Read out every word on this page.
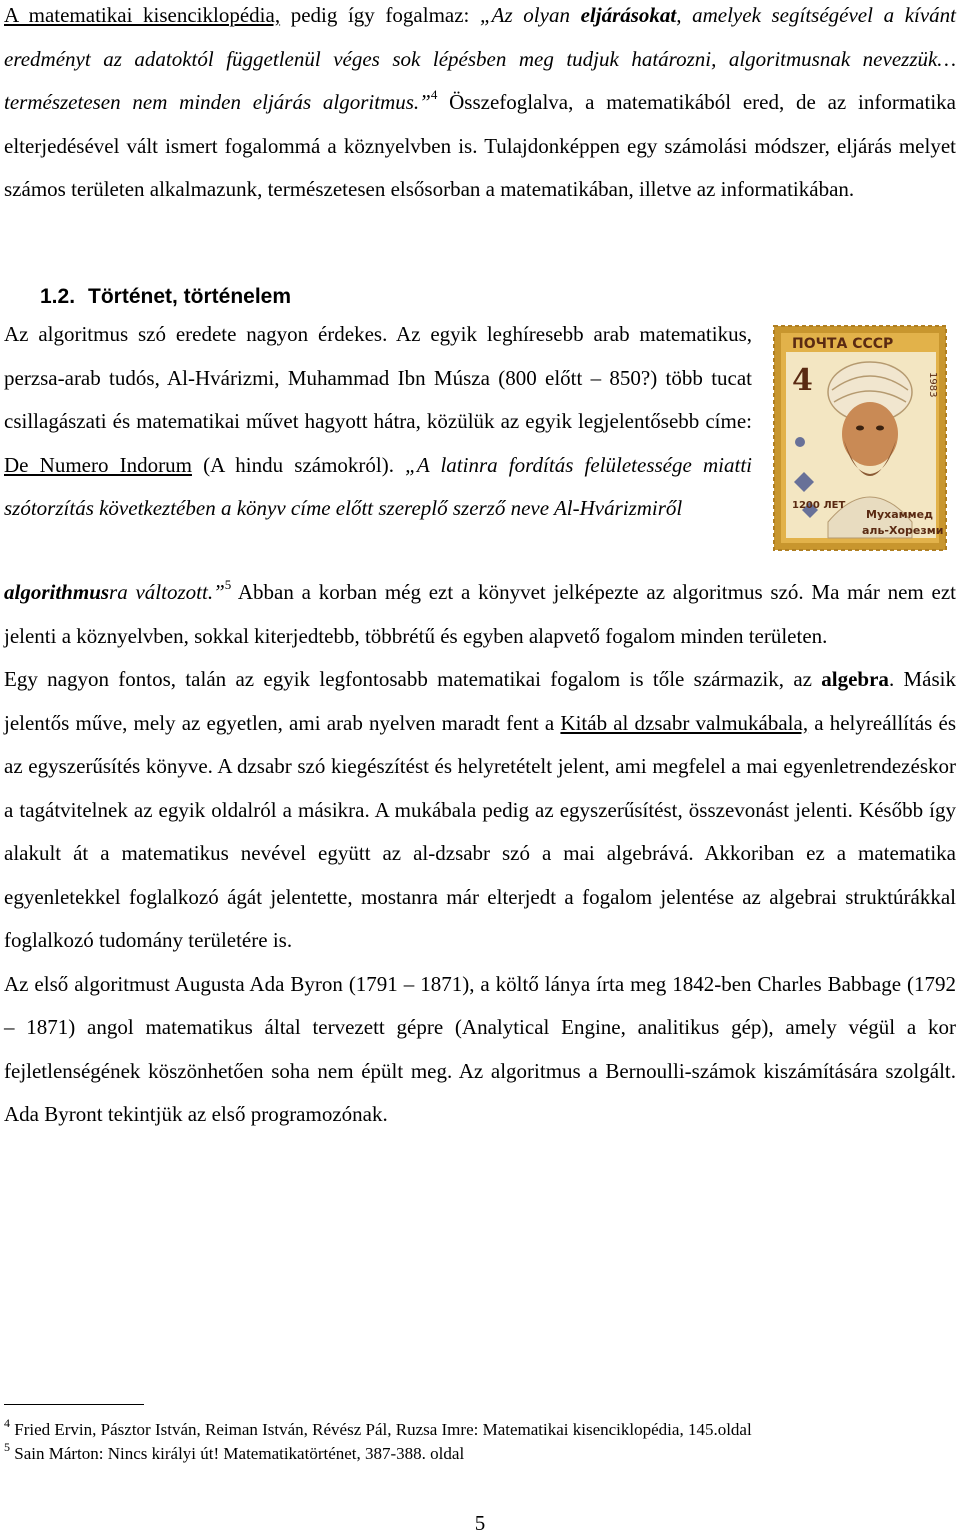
A matematikai kisenciklopédia, pedig így fogalmaz: „Az olyan eljárásokat, amelyek segítségével a kívánt eredményt az adatoktól függetlenül véges sok lépésben meg tudjuk határozni, algoritmusnak nevezzük…természetesen nem minden eljárás algoritmus.”$^4$ Összefoglalva, a matematikából ered, de az informatika elterjedésével vált ismert fogalommá a köznyelvben is. Tulajdonképpen egy számolási módszer, eljárás melyet számos területen alkalmazunk, természetesen elsősorban a matematikában, illetve az informatikában.

1.2. Történet, történelem

Az algoritmus szó eredete nagyon érdekes. Az egyik leghíresebb arab matematikus, perzsa-arab tudós, Al-Hvárizmi, Muhammad Ibn Músza (800 előtt – 850?) több tucat csillagászati és matematikai művet hagyott hátra, közülük az egyik legjelentősebb címe: De Numero Indorum (A hindu számokról). „A latinra fordítás felületessége miatti szótorzítás következtében a könyv címe előtt szereplő szerző neve Al-Hvárizmiről

ПОЧТА СССР
4	1983
1200 ЛЕТ
Мухаммед
аль-Хорезми

algorithmusra változott.”$^5$ Abban a korban még ezt a könyvet jelképezte az algoritmus szó. Ma már nem ezt jelenti a köznyelvben, sokkal kiterjedtebb, többrétű és egyben alapvető fogalom minden területen.

Egy nagyon fontos, talán az egyik legfontosabb matematikai fogalom is tőle származik, az algebra. Másik jelentős műve, mely az egyetlen, ami arab nyelven maradt fent a Kitáb al dzsabr valmukábala, a helyreállítás és az egyszerűsítés könyve. A dzsabr szó kiegészítést és helyretételt jelent, ami megfelel a mai egyenletrendezéskor a tagátvitelnek az egyik oldalról a másikra. A mukábala pedig az egyszerűsítést, összevonást jelenti. Később így alakult át a matematikus nevével együtt az al-dzsabr szó a mai algebrává. Akkoriban ez a matematika egyenletekkel foglalkozó ágát jelentette, mostanra már elterjedt a fogalom jelentése az algebrai struktúrákkal foglalkozó tudomány területére is.

Az első algoritmust Augusta Ada Byron (1791 – 1871), a költő lánya írta meg 1842-ben Charles Babbage (1792 – 1871) angol matematikus által tervezett gépre (Analytical Engine, analitikus gép), amely végül a kor fejletlenségének köszönhetően soha nem épült meg. Az algoritmus a Bernoulli-számok kiszámítására szolgált. Ada Byront tekintjük az első programozónak.

$^4$ Fried Ervin, Pásztor István, Reiman István, Révész Pál, Ruzsa Imre: Matematikai kisenciklopédia, 145.oldal
$^5$ Sain Márton: Nincs királyi út! Matematikatörténet, 387-388. oldal
5
